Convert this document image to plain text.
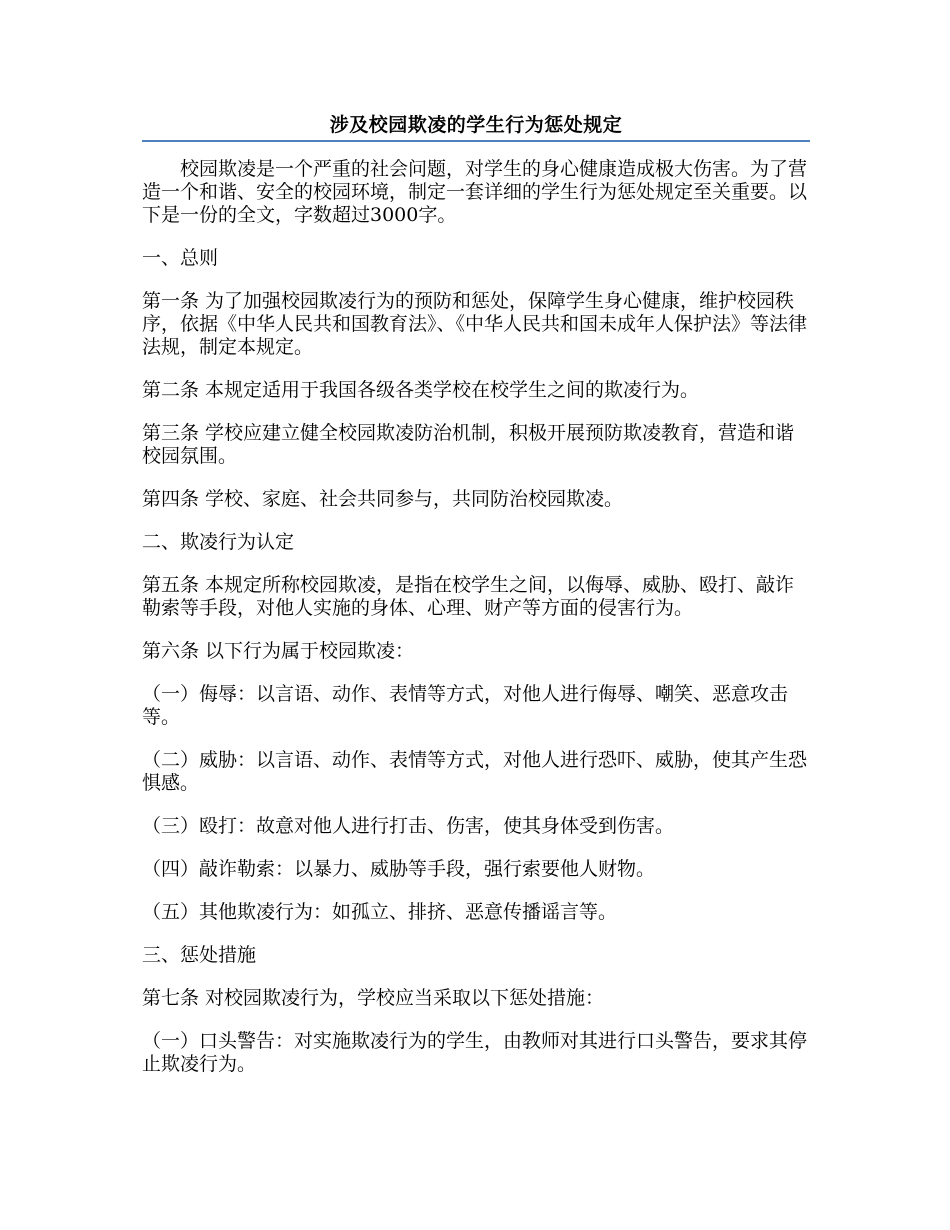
涉及校园欺凌的学生行为惩处规定

校园欺凌是一个严重的社会问题，对学生的身心健康造成极大伤害。为了营造一个和谐、安全的校园环境，制定一套详细的学生行为惩处规定至关重要。以下是一份的全文，字数超过3000字。

一、总则

第一条 为了加强校园欺凌行为的预防和惩处，保障学生身心健康，维护校园秩序，依据《中华人民共和国教育法》、《中华人民共和国未成年人保护法》等法律法规，制定本规定。

第二条 本规定适用于我国各级各类学校在校学生之间的欺凌行为。

第三条 学校应建立健全校园欺凌防治机制，积极开展预防欺凌教育，营造和谐校园氛围。

第四条 学校、家庭、社会共同参与，共同防治校园欺凌。

二、欺凌行为认定

第五条 本规定所称校园欺凌，是指在校学生之间，以侮辱、威胁、殴打、敲诈勒索等手段，对他人实施的身体、心理、财产等方面的侵害行为。

第六条 以下行为属于校园欺凌：

（一）侮辱：以言语、动作、表情等方式，对他人进行侮辱、嘲笑、恶意攻击等。

（二）威胁：以言语、动作、表情等方式，对他人进行恐吓、威胁，使其产生恐惧感。

（三）殴打：故意对他人进行打击、伤害，使其身体受到伤害。

（四）敲诈勒索：以暴力、威胁等手段，强行索要他人财物。

（五）其他欺凌行为：如孤立、排挤、恶意传播谣言等。

三、惩处措施

第七条 对校园欺凌行为，学校应当采取以下惩处措施：

（一）口头警告：对实施欺凌行为的学生，由教师对其进行口头警告，要求其停止欺凌行为。
